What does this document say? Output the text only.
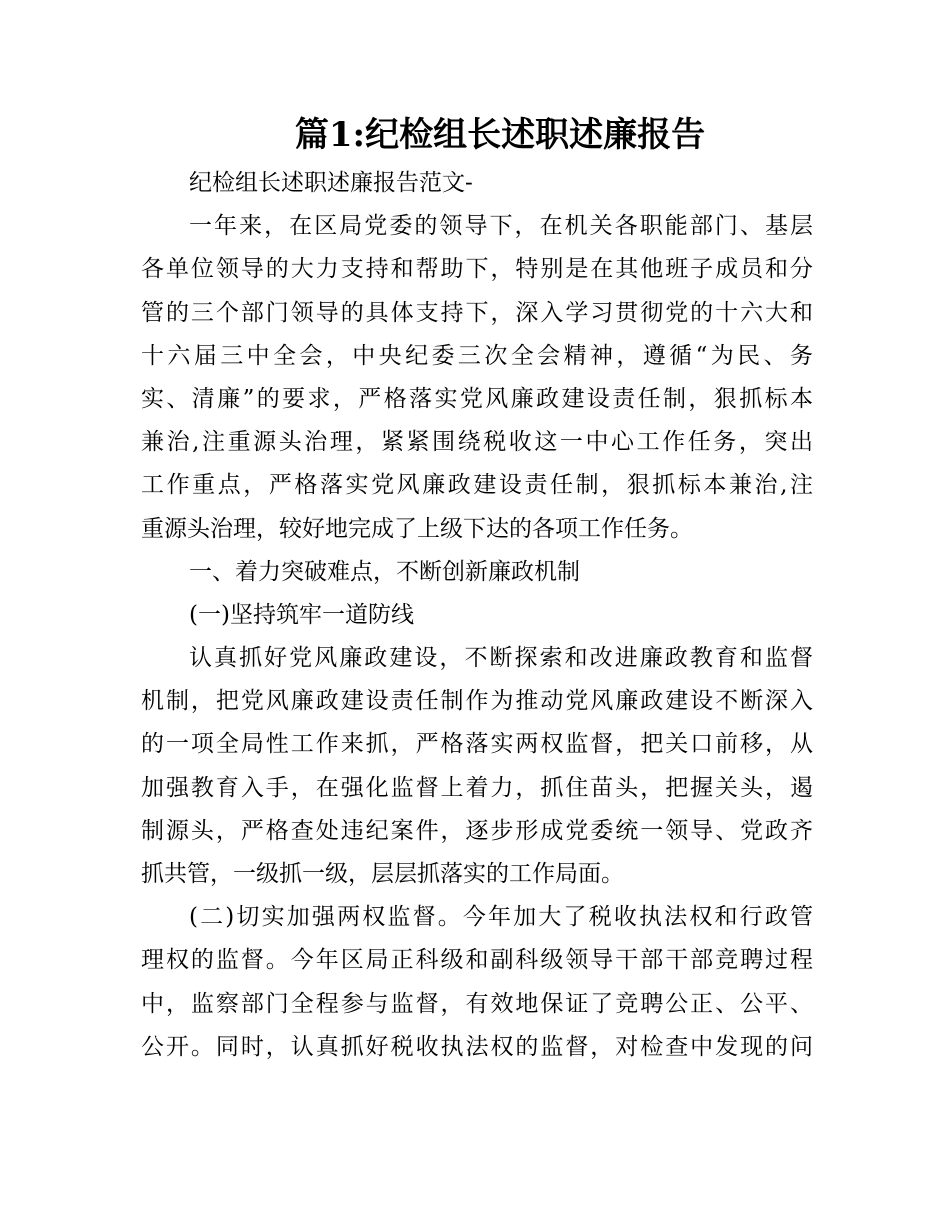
篇1:纪检组长述职述廉报告
纪检组长述职述廉报告范文-
一年来，在区局党委的领导下，在机关各职能部门、基层
各单位领导的大力支持和帮助下，特别是在其他班子成员和分
管的三个部门领导的具体支持下，深入学习贯彻党的十六大和
十六届三中全会，中央纪委三次全会精神，遵循“为民、务
实、清廉”的要求，严格落实党风廉政建设责任制，狠抓标本
兼治,注重源头治理，紧紧围绕税收这一中心工作任务，突出
工作重点，严格落实党风廉政建设责任制，狠抓标本兼治,注
重源头治理，较好地完成了上级下达的各项工作任务。
一、着力突破难点，不断创新廉政机制
(一)坚持筑牢一道防线
认真抓好党风廉政建设，不断探索和改进廉政教育和监督
机制，把党风廉政建设责任制作为推动党风廉政建设不断深入
的一项全局性工作来抓，严格落实两权监督，把关口前移，从
加强教育入手，在强化监督上着力，抓住苗头，把握关头，遏
制源头，严格查处违纪案件，逐步形成党委统一领导、党政齐
抓共管，一级抓一级，层层抓落实的工作局面。
(二)切实加强两权监督。今年加大了税收执法权和行政管
理权的监督。今年区局正科级和副科级领导干部干部竞聘过程
中，监察部门全程参与监督，有效地保证了竞聘公正、公平、
公开。同时，认真抓好税收执法权的监督，对检查中发现的问
